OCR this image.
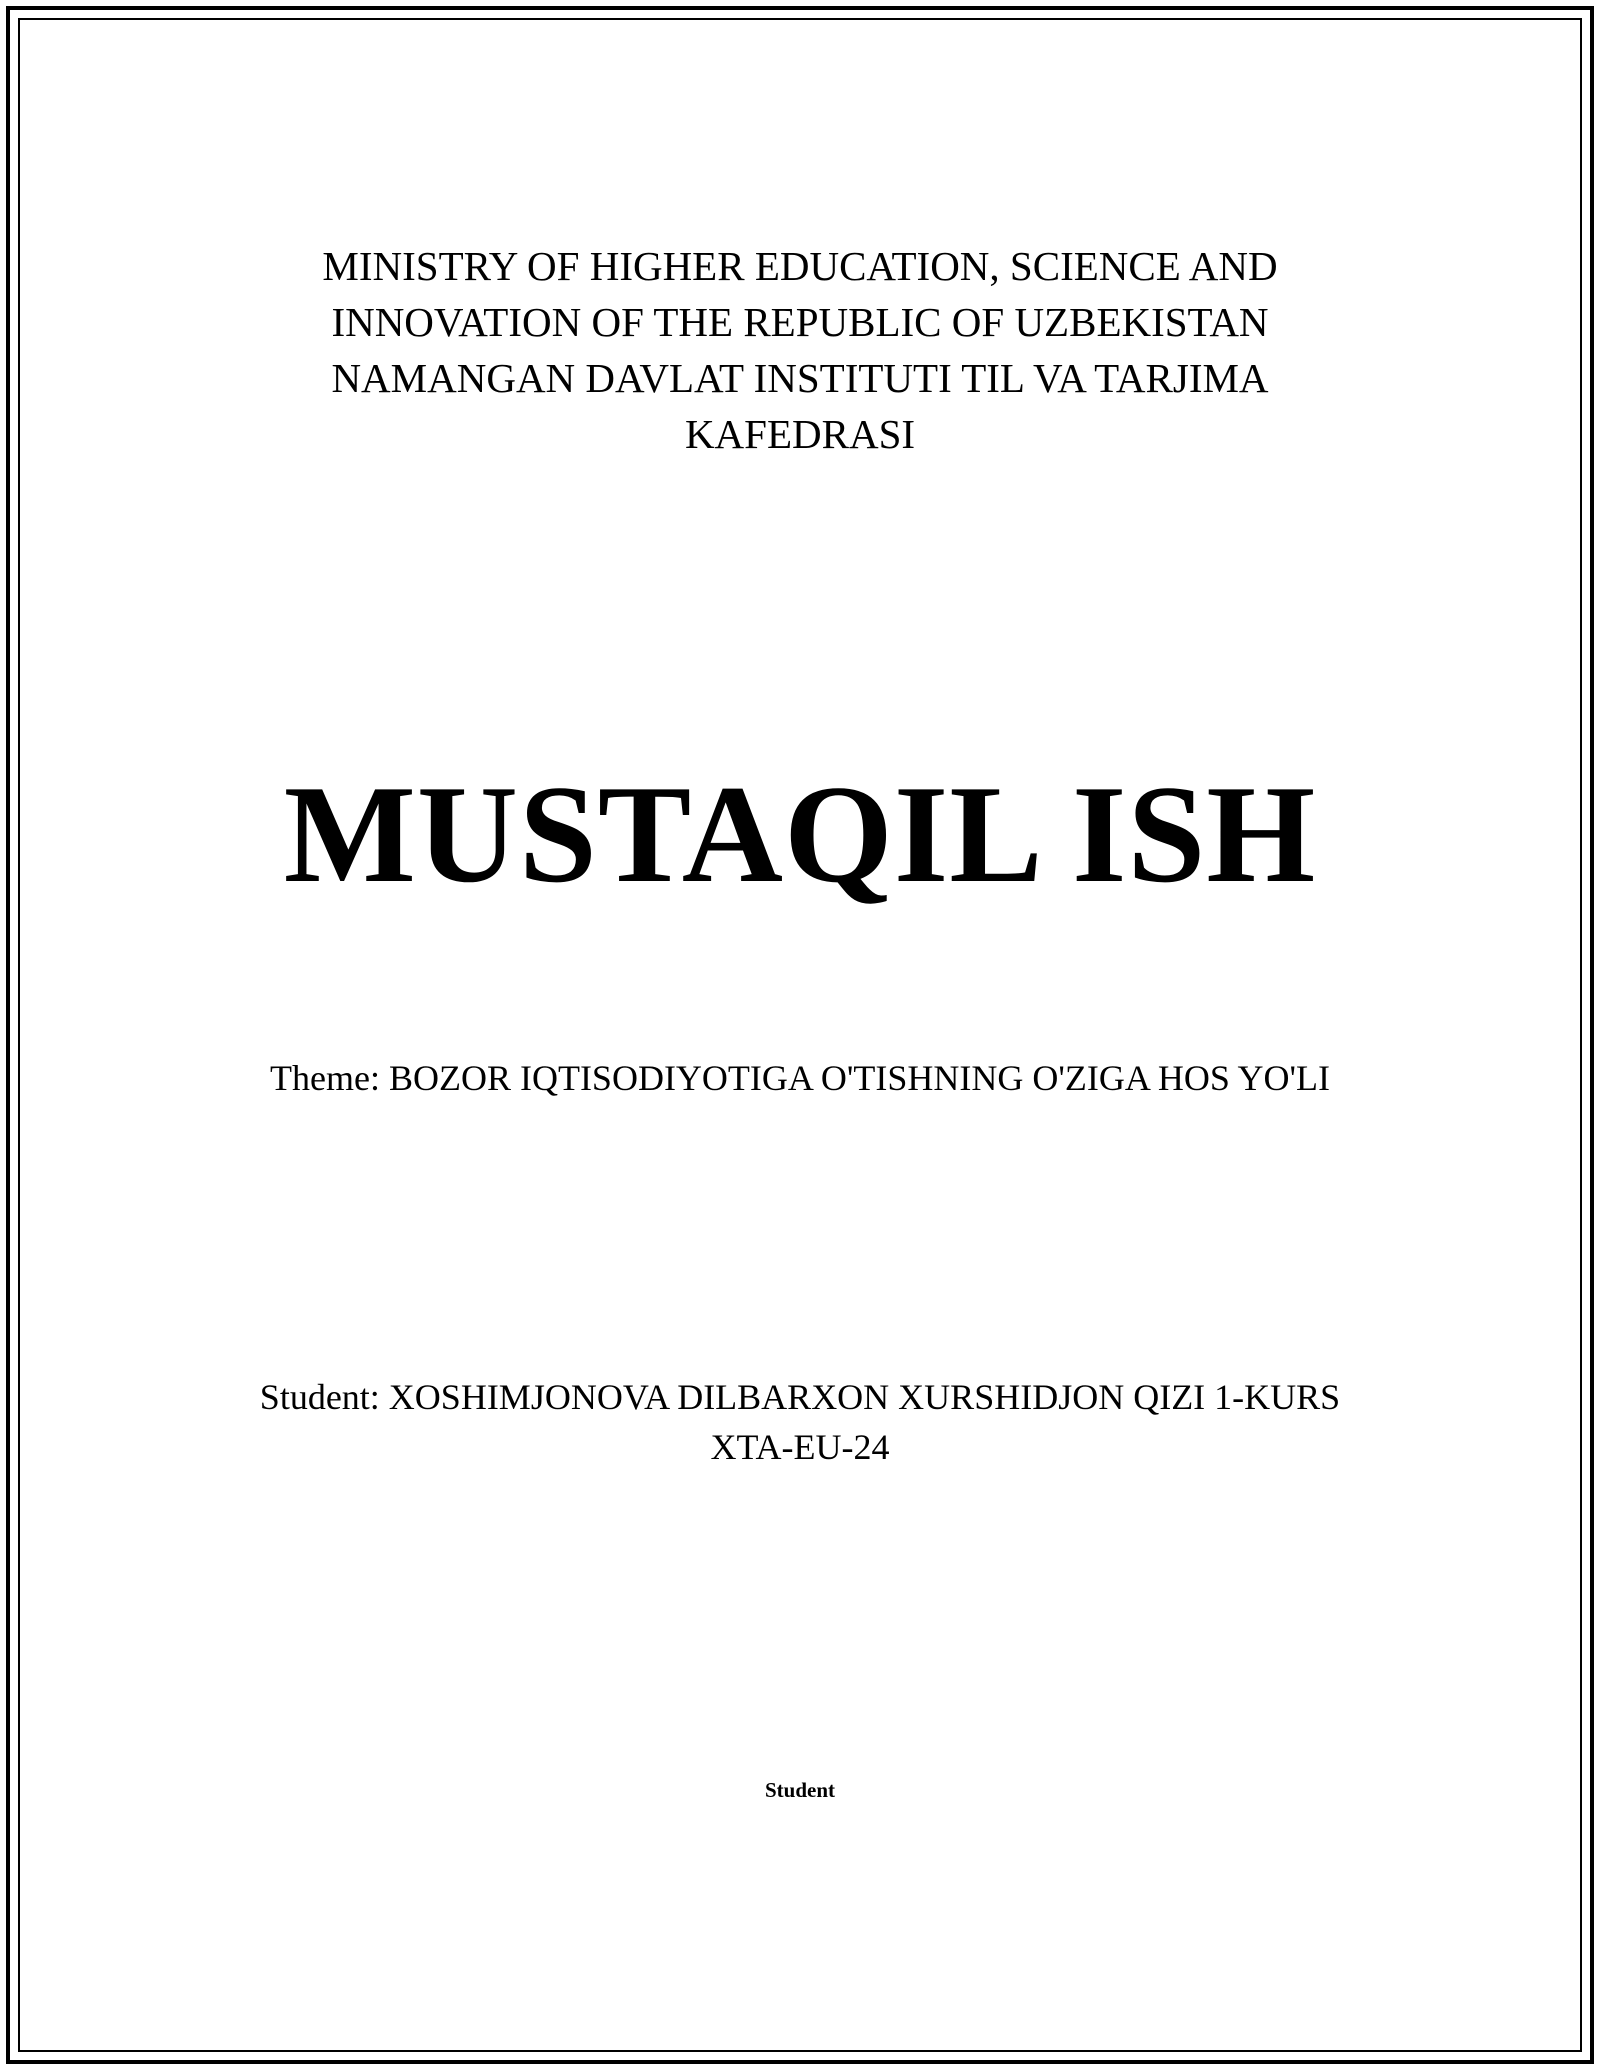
MINISTRY OF HIGHER EDUCATION, SCIENCE AND
INNOVATION OF THE REPUBLIC OF UZBEKISTAN
NAMANGAN DAVLAT INSTITUTI TIL VA TARJIMA
KAFEDRASI
MUSTAQIL ISH
Theme: BOZOR IQTISODIYOTIGA O'TISHNING O'ZIGA HOS YO'LI
Student: XOSHIMJONOVA DILBARXON XURSHIDJON QIZI 1-KURS
XTA-EU-24
Student
